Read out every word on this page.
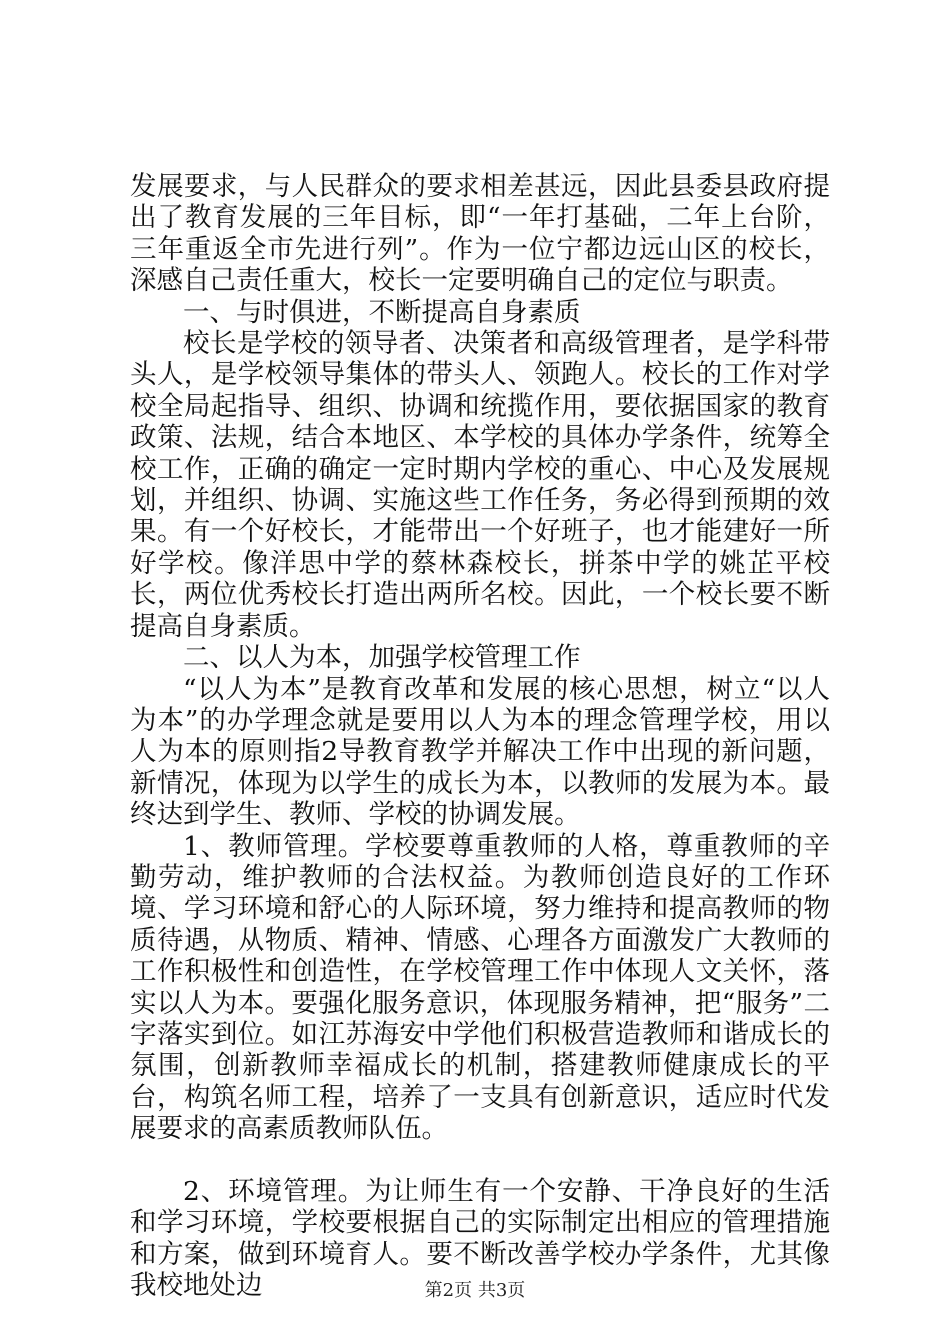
发展要求，与人民群众的要求相差甚远，因此县委县政府提出了教育发展的三年目标，即“一年打基础，二年上台阶，三年重返全市先进行列”。作为一位宁都边远山区的校长，深感自己责任重大，校长一定要明确自己的定位与职责。

一、与时俱进，不断提高自身素质

校长是学校的领导者、决策者和高级管理者，是学科带头人，是学校领导集体的带头人、领跑人。校长的工作对学校全局起指导、组织、协调和统揽作用，要依据国家的教育政策、法规，结合本地区、本学校的具体办学条件，统筹全校工作，正确的确定一定时期内学校的重心、中心及发展规划，并组织、协调、实施这些工作任务，务必得到预期的效果。有一个好校长，才能带出一个好班子，也才能建好一所好学校。像洋思中学的蔡林森校长，拼茶中学的姚芷平校长，两位优秀校长打造出两所名校。因此，一个校长要不断提高自身素质。

二、以人为本，加强学校管理工作

“以人为本”是教育改革和发展的核心思想，树立“以人为本”的办学理念就是要用以人为本的理念管理学校，用以人为本的原则指2导教育教学并解决工作中出现的新问题，新情况，体现为以学生的成长为本，以教师的发展为本。最终达到学生、教师、学校的协调发展。

1、教师管理。学校要尊重教师的人格，尊重教师的辛勤劳动，维护教师的合法权益。为教师创造良好的工作环境、学习环境和舒心的人际环境，努力维持和提高教师的物质待遇，从物质、精神、情感、心理各方面激发广大教师的工作积极性和创造性，在学校管理工作中体现人文关怀，落实以人为本。要强化服务意识，体现服务精神，把“服务”二字落实到位。如江苏海安中学他们积极营造教师和谐成长的氛围，创新教师幸福成长的机制，搭建教师健康成长的平台，构筑名师工程，培养了一支具有创新意识，适应时代发展要求的高素质教师队伍。

2、环境管理。为让师生有一个安静、干净良好的生活和学习环境，学校要根据自己的实际制定出相应的管理措施和方案，做到环境育人。要不断改善学校办学条件，尤其像我校地处边	第2页 共3页
